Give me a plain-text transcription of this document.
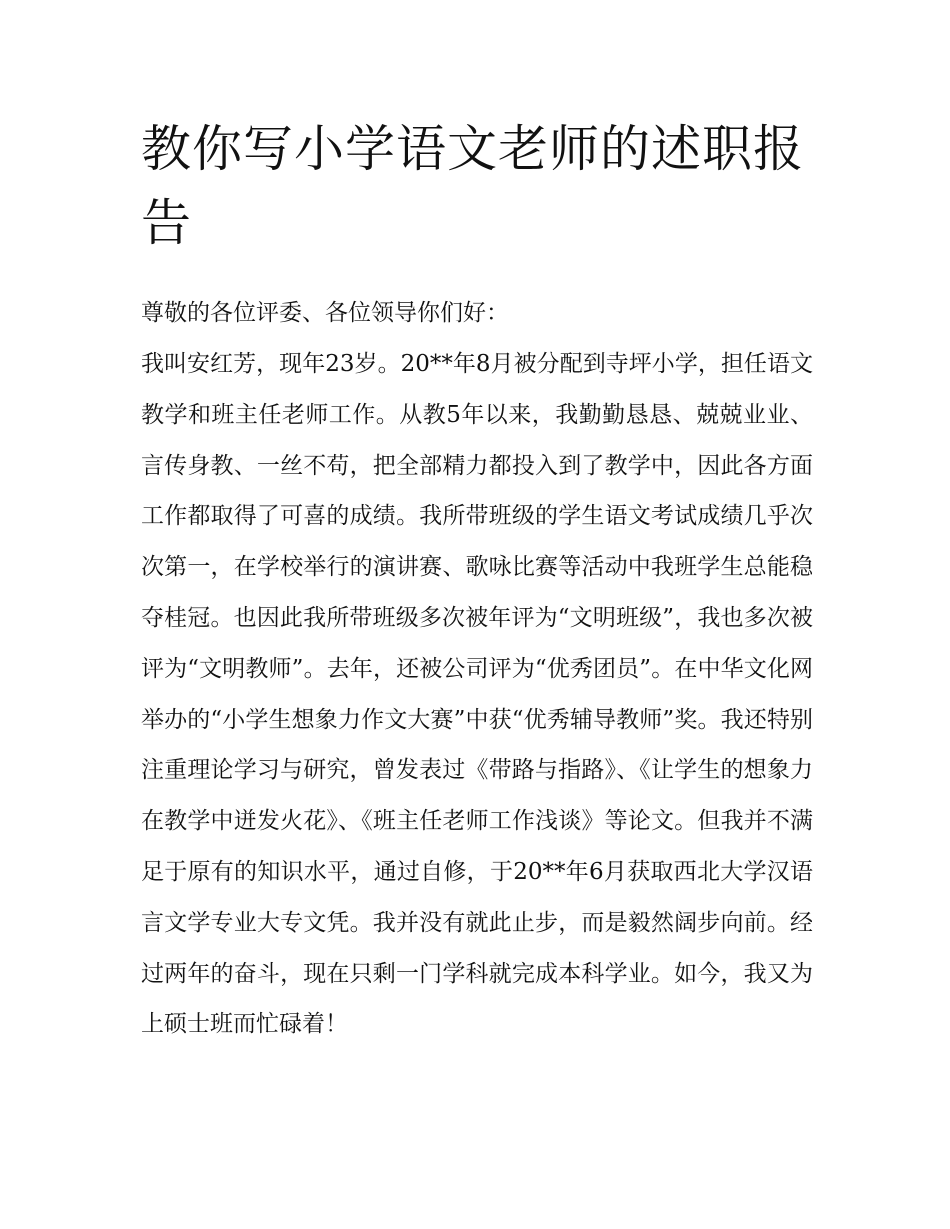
教你写小学语文老师的述职报告

尊敬的各位评委、各位领导你们好：

我叫安红芳，现年23岁。20**年8月被分配到寺坪小学，担任语文教学和班主任老师工作。从教5年以来，我勤勤恳恳、兢兢业业、言传身教、一丝不苟，把全部精力都投入到了教学中，因此各方面工作都取得了可喜的成绩。我所带班级的学生语文考试成绩几乎次次第一，在学校举行的演讲赛、歌咏比赛等活动中我班学生总能稳夺桂冠。也因此我所带班级多次被年评为“文明班级”，我也多次被评为“文明教师”。去年，还被公司评为“优秀团员”。在中华文化网举办的“小学生想象力作文大赛”中获“优秀辅导教师”奖。我还特别注重理论学习与研究，曾发表过《带路与指路》、《让学生的想象力在教学中迸发火花》、《班主任老师工作浅谈》等论文。但我并不满足于原有的知识水平，通过自修，于20**年6月获取西北大学汉语言文学专业大专文凭。我并没有就此止步，而是毅然阔步向前。经过两年的奋斗，现在只剩一门学科就完成本科学业。如今，我又为上硕士班而忙碌着！
